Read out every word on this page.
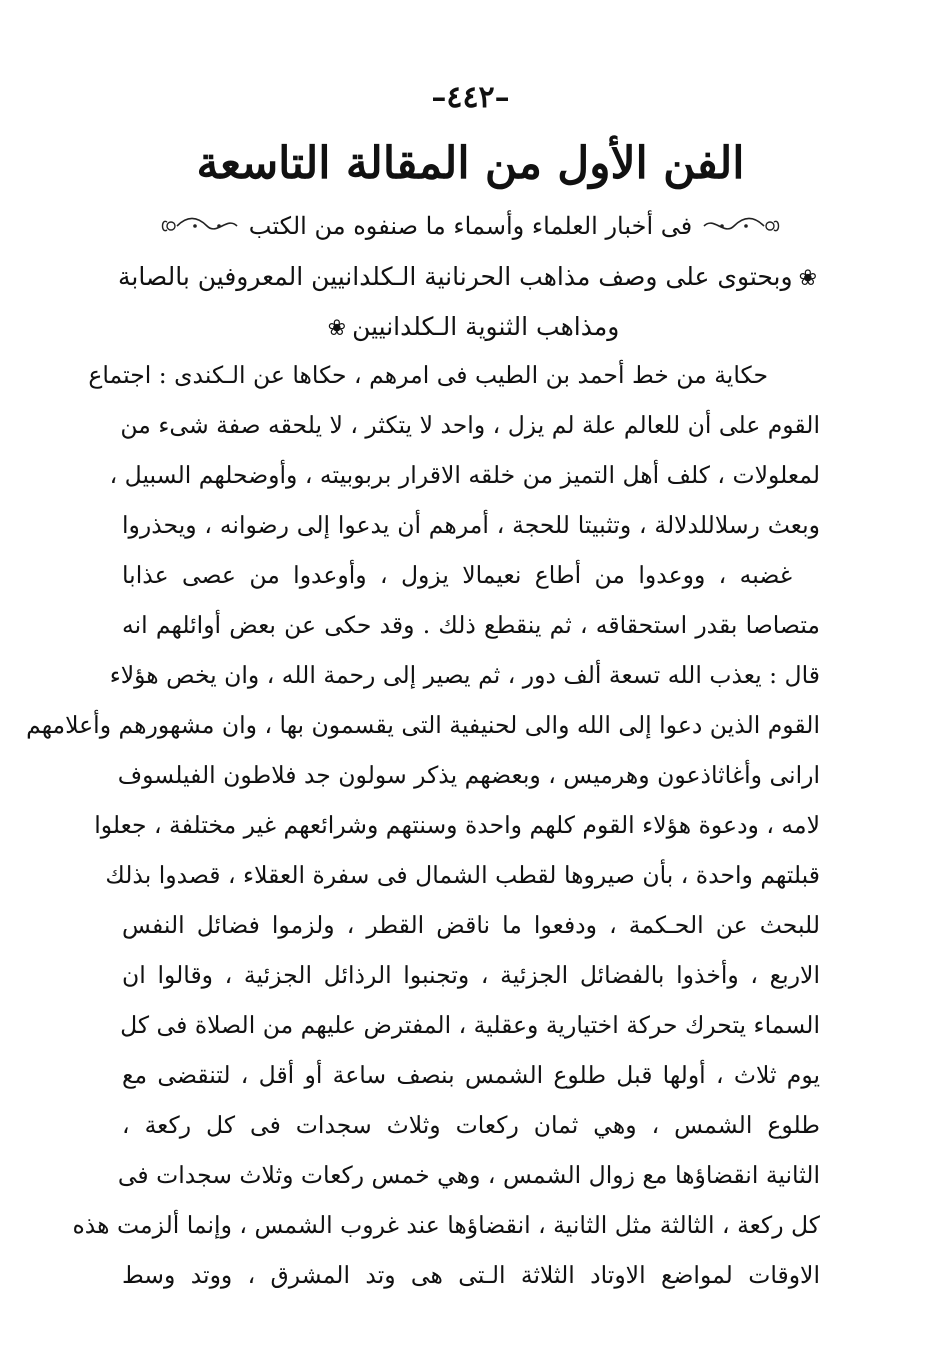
–٤٤٢–
الفن الأول من المقالة التاسعة
فى أخبار العلماء وأسماء ما صنفوه من الكتب
❀وبحتوى على وصف مذاهب الحرنانية الـكلدانيين المعروفين بالصابة
ومذاهب الثنوية الـكلدانيين❀
حكاية من خط أحمد بن الطيب فى امرهم ، حكاها عن الـكندى : اجتماع
القوم على أن للعالم علة لم يزل ، واحد لا يتكثر ، لا يلحقه صفة شىء من
لمعلولات ، كلف أهل التميز من خلقه الاقرار بربوبيته ، وأوضحلهم السبيل ،
وبعث رسلاللدلالة ، وتثبيتا للحجة ، أمرهم أن يدعوا إلى رضوانه ، ويحذروا
غضبه ، ووعدوا من أطاع نعيمالا يزول ، وأوعدوا من عصى عذابا
متصاصا بقدر استحقاقه ، ثم ينقطع ذلك . وقد حكى عن بعض أوائلهم انه
قال : يعذب الله تسعة ألف دور ، ثم يصير إلى رحمة الله ، وان يخص هؤلاء
القوم الذين دعوا إلى الله والى لحنيفية التى يقسمون بها ، وان مشهورهم وأعلامهم
ارانى وأغاثاذعون وهرميس ، وبعضهم يذكر سولون جد فلاطون الفيلسوف
لامه ، ودعوة هؤلاء القوم كلهم واحدة وسنتهم وشرائعهم غير مختلفة ، جعلوا
قبلتهم واحدة ، بأن صيروها لقطب الشمال فى سفرة العقلاء ، قصدوا بذلك
للبحث عن الحـكمة ، ودفعوا ما ناقض القطر ، ولزموا فضائل النفس
الاربع ، وأخذوا بالفضائل الجزئية ، وتجنبوا الرذائل الجزئية ، وقالوا ان
السماء يتحرك حركة اختيارية وعقلية ، المفترض عليهم من الصلاة فى كل
يوم ثلاث ، أولها قبل طلوع الشمس بنصف ساعة أو أقل ، لتنقضى مع
طلوع الشمس ، وهي ثمان ركعات وثلاث سجدات فى كل ركعة ،
الثانية انقضاؤها مع زوال الشمس ، وهي خمس ركعات وثلاث سجدات فى
كل ركعة ، الثالثة مثل الثانية ، انقضاؤها عند غروب الشمس ، وإنما ألزمت هذه
الاوقات لمواضع الاوتاد الثلاثة الـتى هى وتد المشرق ، ووتد وسط
